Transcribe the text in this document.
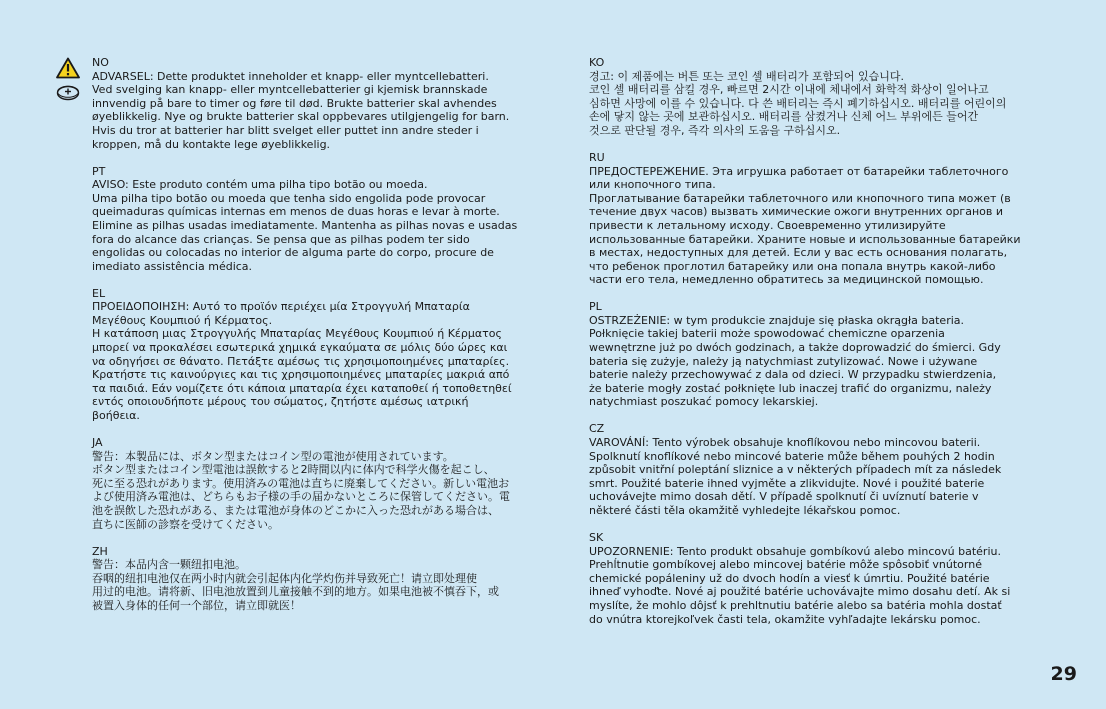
NO
ADVARSEL: Dette produktet inneholder et knapp- eller myntcellebatteri.
Ved svelging kan knapp- eller myntcellebatterier gi kjemisk brannskade
innvendig på bare to timer og føre til død. Brukte batterier skal avhendes
øyeblikkelig. Nye og brukte batterier skal oppbevares utilgjengelig for barn.
Hvis du tror at batterier har blitt svelget eller puttet inn andre steder i
kroppen, må du kontakte lege øyeblikkelig.
PT
AVISO: Este produto contém uma pilha tipo botão ou moeda.
Uma pilha tipo botão ou moeda que tenha sido engolida pode provocar
queimaduras químicas internas em menos de duas horas e levar à morte.
Elimine as pilhas usadas imediatamente. Mantenha as pilhas novas e usadas
fora do alcance das crianças. Se pensa que as pilhas podem ter sido
engolidas ou colocadas no interior de alguma parte do corpo, procure de
imediato assistência médica.
EL
ΠΡΟΕΙΔΟΠΟΙΗΣΗ: Αυτό το προϊόν περιέχει μία Στρογγυλή Μπαταρία
Μεγέθους Κουμπιού ή Κέρματος.
Η κατάποση μιας Στρογγυλής Μπαταρίας Μεγέθους Κουμπιού ή Κέρματος
μπορεί να προκαλέσει εσωτερικά χημικά εγκαύματα σε μόλις δύο ώρες και
να οδηγήσει σε θάνατο. Πετάξτε αμέσως τις χρησιμοποιημένες μπαταρίες.
Κρατήστε τις καινούργιες και τις χρησιμοποιημένες μπαταρίες μακριά από
τα παιδιά. Εάν νομίζετε ότι κάποια μπαταρία έχει καταποθεί ή τοποθετηθεί
εντός οποιουδήποτε μέρους του σώματος, ζητήστε αμέσως ιατρική
βοήθεια.
JA
警告：本製品には、ボタン型またはコイン型の電池が使用されています。
ボタン型またはコイン型電池は誤飲すると2時間以内に体内で科学火傷を起こし、
死に至る恐れがあります。使用済みの電池は直ちに廃棄してください。新しい電池お
よび使用済み電池は、どちらもお子様の手の届かないところに保管してください。電
池を誤飲した恐れがある、または電池が身体のどこかに入った恐れがある場合は、
直ちに医師の診察を受けてください。
ZH
警告：本品内含一颗纽扣电池。
吞咽的纽扣电池仅在两小时内就会引起体内化学灼伤并导致死亡！请立即处理使
用过的电池。请将新、旧电池放置到儿童接触不到的地方。如果电池被不慎吞下，或
被置入身体的任何一个部位，请立即就医！
KO
경고: 이 제품에는 버튼 또는 코인 셀 배터리가 포함되어 있습니다.
코인 셀 배터리를 삼킬 경우, 빠르면 2시간 이내에 체내에서 화학적 화상이 일어나고
심하면 사망에 이를 수 있습니다. 다 쓴 배터리는 즉시 폐기하십시오. 배터리를 어린이의
손에 닿지 않는 곳에 보관하십시오. 배터리를 삼켰거나 신체 어느 부위에든 들어간
것으로 판단될 경우, 즉각 의사의 도움을 구하십시오.
RU
ПРЕДОСТЕРЕЖЕНИЕ. Эта игрушка работает от батарейки таблеточного
или кнопочного типа.
Проглатывание батарейки таблеточного или кнопочного типа может (в
течение двух часов) вызвать химические ожоги внутренних органов и
привести к летальному исходу. Своевременно утилизируйте
использованные батарейки. Храните новые и использованные батарейки
в местах, недоступных для детей. Если у вас есть основания полагать,
что ребенок проглотил батарейку или она попала внутрь какой-либо
части его тела, немедленно обратитесь за медицинской помощью.
PL
OSTRZEŻENIE: w tym produkcie znajduje się płaska okrągła bateria.
Połknięcie takiej baterii może spowodować chemiczne oparzenia
wewnętrzne już po dwóch godzinach, a także doprowadzić do śmierci. Gdy
bateria się zużyje, należy ją natychmiast zutylizować. Nowe i używane
baterie należy przechowywać z dala od dzieci. W przypadku stwierdzenia,
że baterie mogły zostać połknięte lub inaczej trafić do organizmu, należy
natychmiast poszukać pomocy lekarskiej.
CZ
VAROVÁNÍ: Tento výrobek obsahuje knoflíkovou nebo mincovou baterii.
Spolknutí knoflíkové nebo mincové baterie může během pouhých 2 hodin
způsobit vnitřní poleptání sliznice a v některých případech mít za následek
smrt. Použité baterie ihned vyjměte a zlikvidujte. Nové i použité baterie
uchovávejte mimo dosah dětí. V případě spolknutí či uvíznutí baterie v
některé části těla okamžitě vyhledejte lékařskou pomoc.
SK
UPOZORNENIE: Tento produkt obsahuje gombíkovú alebo mincovú batériu.
Prehĺtnutie gombíkovej alebo mincovej batérie môže spôsobiť vnútorné
chemické popáleniny už do dvoch hodín a viesť k úmrtiu. Použité batérie
ihneď vyhoďte. Nové aj použité batérie uchovávajte mimo dosahu detí. Ak si
myslíte, že mohlo dôjsť k prehltnutiu batérie alebo sa batéria mohla dostať
do vnútra ktorejkoľvek časti tela, okamžite vyhľadajte lekársku pomoc.
29
